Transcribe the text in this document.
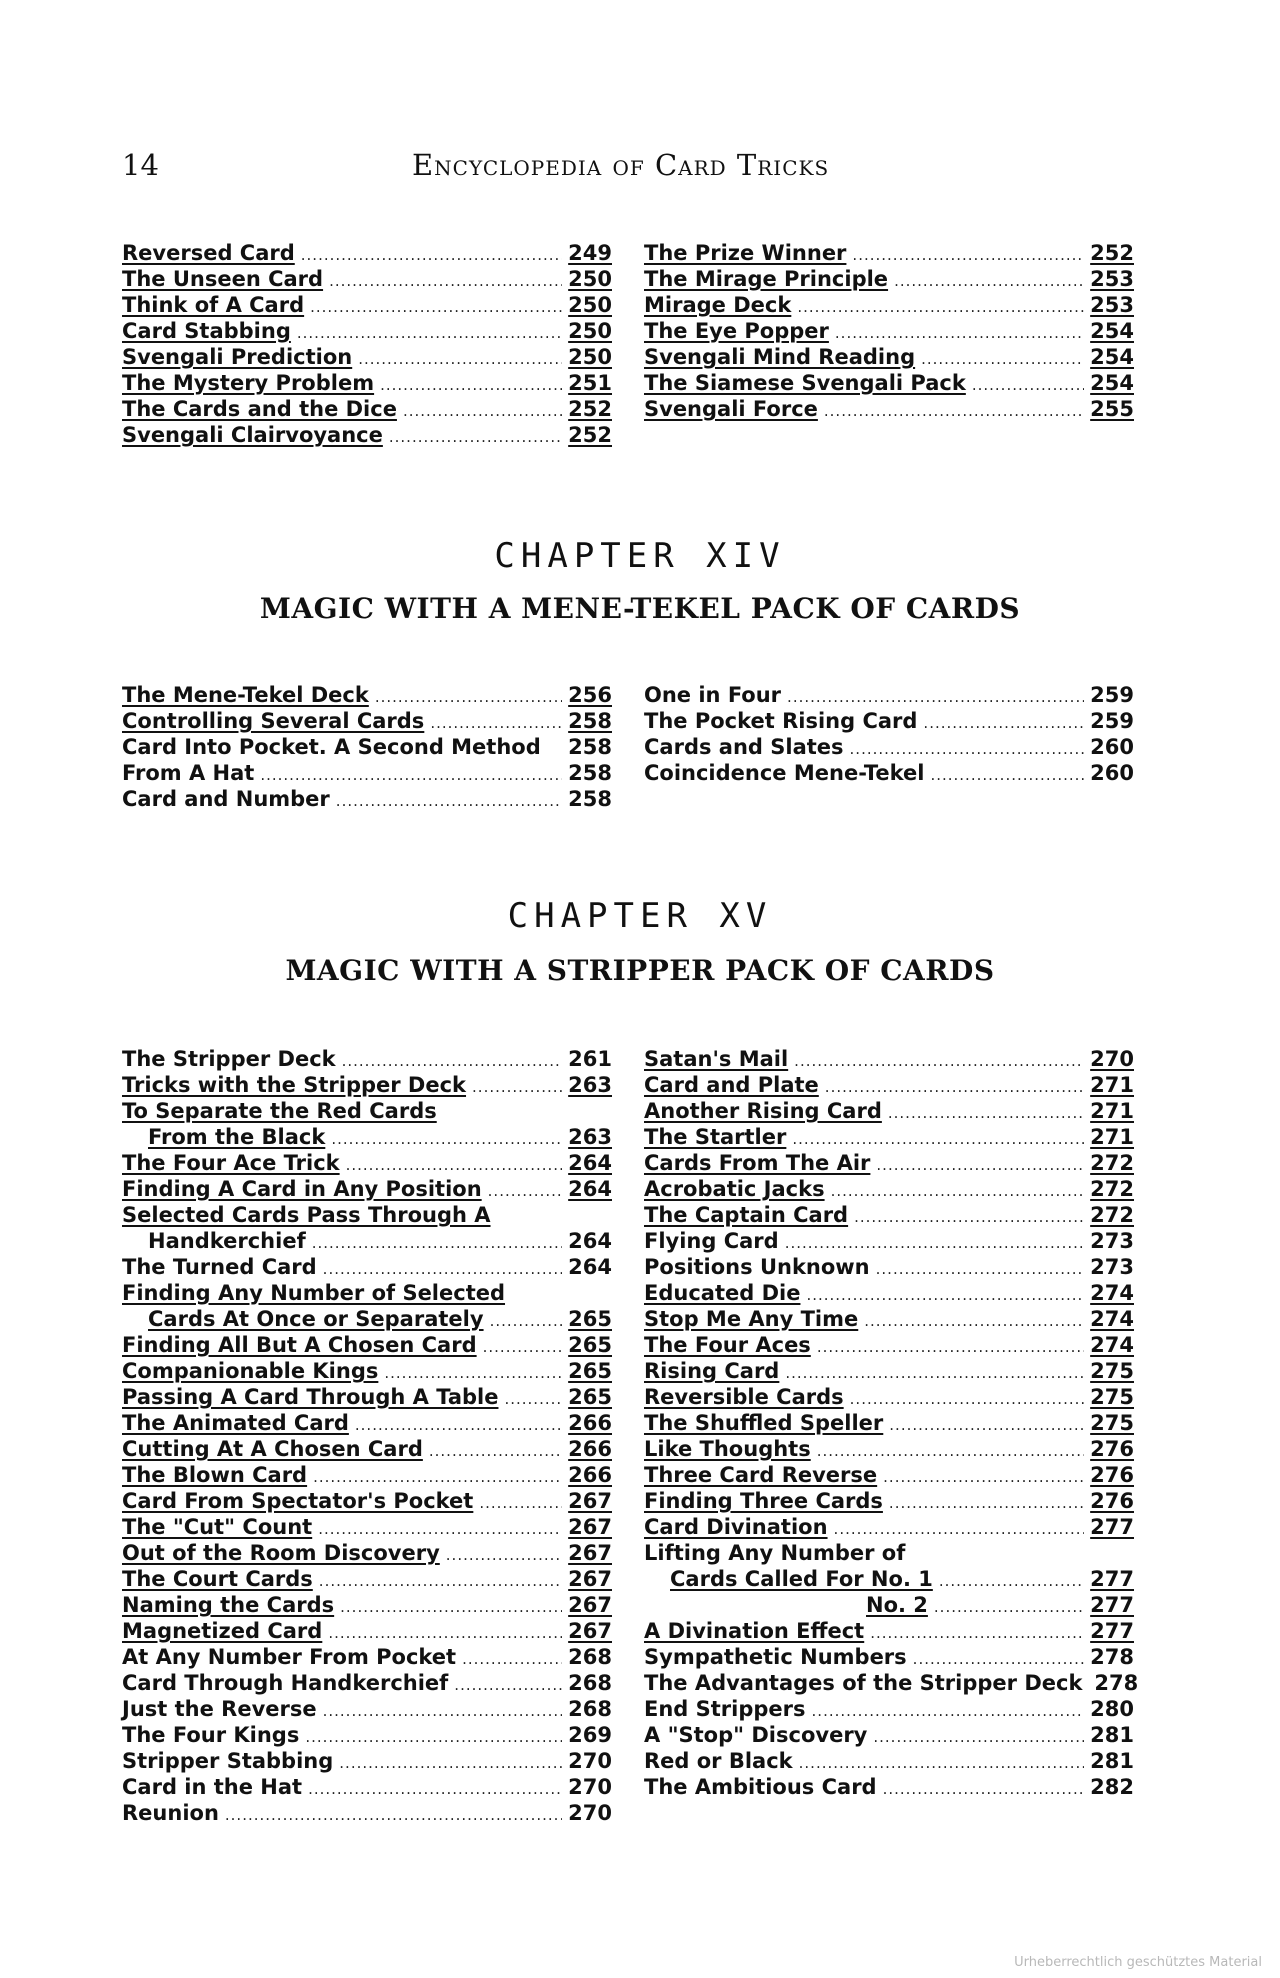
14	Encyclopedia of Card Tricks
Reversed Card .....	249
The Unseen Card .....	250
Think of A Card .....	250
Card Stabbing .....	250
Svengali Prediction .....	250
The Mystery Problem .....	251
The Cards and the Dice .....	252
Svengali Clairvoyance .....	252
The Prize Winner .....	252
The Mirage Principle .....	253
Mirage Deck .....	253
The Eye Popper .....	254
Svengali Mind Reading .....	254
The Siamese Svengali Pack .....	254
Svengali Force .....	255
CHAPTER XIV
MAGIC WITH A MENE-TEKEL PACK OF CARDS
The Mene-Tekel Deck .....	256
Controlling Several Cards .....	258
Card Into Pocket. A Second Method 258
From A Hat .....	258
Card and Number .....	258
One in Four .....	259
The Pocket Rising Card .....	259
Cards and Slates .....	260
Coincidence Mene-Tekel .....	260
CHAPTER XV
MAGIC WITH A STRIPPER PACK OF CARDS
The Stripper Deck .....	261
Tricks with the Stripper Deck .....	263
To Separate the Red Cards
From the Black .....	263
The Four Ace Trick .....	264
Finding A Card in Any Position .....	264
Selected Cards Pass Through A
Handkerchief .....	264
The Turned Card .....	264
Finding Any Number of Selected
Cards At Once or Separately .....	265
Finding All But A Chosen Card .....	265
Companionable Kings .....	265
Passing A Card Through A Table .....	265
The Animated Card .....	266
Cutting At A Chosen Card .....	266
The Blown Card .....	266
Card From Spectator's Pocket .....	267
The "Cut" Count .....	267
Out of the Room Discovery .....	267
The Court Cards .....	267
Naming the Cards .....	267
Magnetized Card .....	267
At Any Number From Pocket .....	268
Card Through Handkerchief .....	268
Just the Reverse .....	268
The Four Kings .....	269
Stripper Stabbing .....	270
Card in the Hat .....	270
Reunion .....	270
Satan's Mail .....	270
Card and Plate .....	271
Another Rising Card .....	271
The Startler .....	271
Cards From The Air .....	272
Acrobatic Jacks .....	272
The Captain Card .....	272
Flying Card .....	273
Positions Unknown .....	273
Educated Die .....	274
Stop Me Any Time .....	274
The Four Aces .....	274
Rising Card .....	275
Reversible Cards .....	275
The Shuffled Speller .....	275
Like Thoughts .....	276
Three Card Reverse .....	276
Finding Three Cards .....	276
Card Divination .....	277
Lifting Any Number of
Cards Called For No. 1 .....	277
No. 2 .....	277
A Divination Effect .....	277
Sympathetic Numbers .....	278
The Advantages of the Stripper Deck 278
End Strippers .....	280
A "Stop" Discovery .....	281
Red or Black .....	281
The Ambitious Card .....	282
Urheberrechtlich geschütztes Material
